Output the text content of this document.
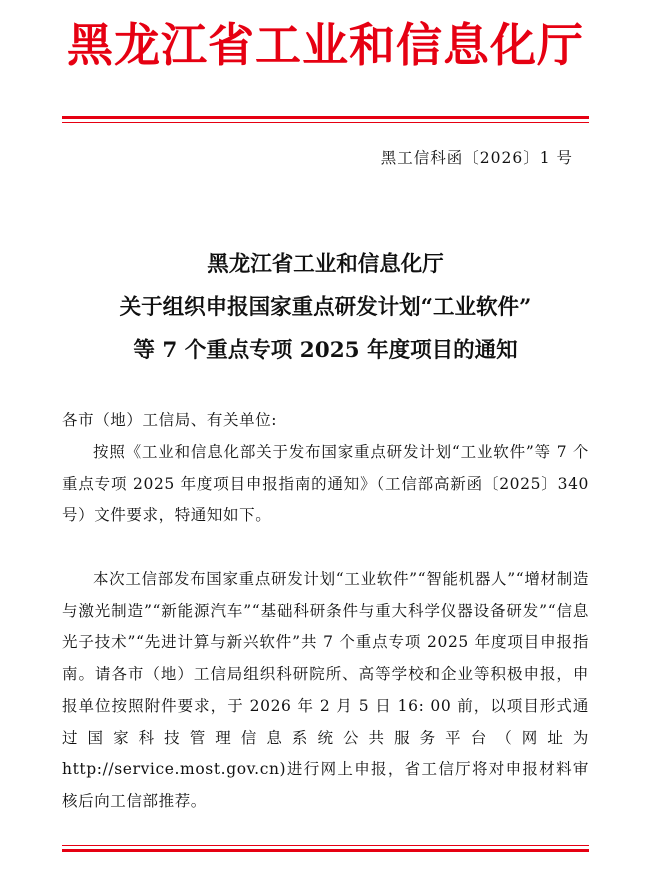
黑龙江省工业和信息化厅
黑工信科函〔2026〕1 号
黑龙江省工业和信息化厅
关于组织申报国家重点研发计划“工业软件”
等 7 个重点专项 2025 年度项目的通知
各市（地）工信局、有关单位:
按照《工业和信息化部关于发布国家重点研发计划“工业软件”等 7 个重点专项 2025 年度项目申报指南的通知》（工信部高新函〔2025〕340 号）文件要求，特通知如下。
本次工信部发布国家重点研发计划“工业软件”“智能机器人”“增材制造与激光制造”“新能源汽车”“基础科研条件与重大科学仪器设备研发”“信息光子技术”“先进计算与新兴软件”共 7 个重点专项 2025 年度项目申报指南。请各市（地）工信局组织科研院所、高等学校和企业等积极申报，申报单位按照附件要求，于 2026 年 2 月 5 日 16: 00 前，以项目形式通过国家科技管理信息系统公共服务平台（网址为 http://service.most.gov.cn)进行网上申报，省工信厅将对申报材料审核后向工信部推荐。
